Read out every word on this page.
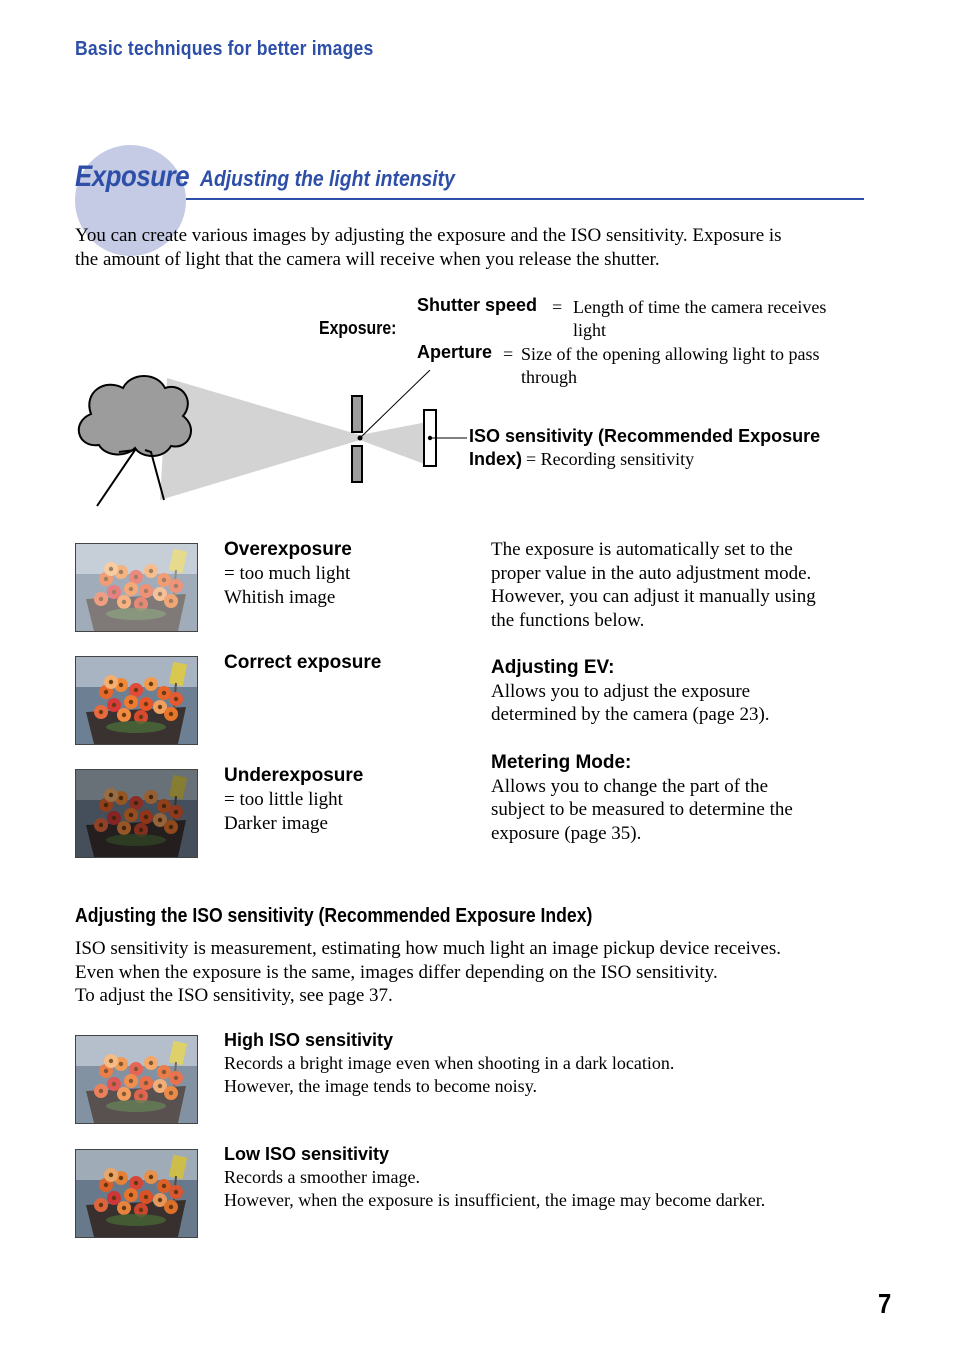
Basic techniques for better images
Exposure Adjusting the light intensity
You can create various images by adjusting the exposure and the ISO sensitivity. Exposure is
the amount of light that the camera will receive when you release the shutter.
Exposure:
Shutter speed = Length of time the camera receives
light
Aperture = Size of the opening allowing light to pass
through
ISO sensitivity (Recommended Exposure
Index) = Recording sensitivity
Overexposure
= too much light
Whitish image
Correct exposure
Underexposure
= too little light
Darker image
The exposure is automatically set to the
proper value in the auto adjustment mode.
However, you can adjust it manually using
the functions below.
Adjusting EV:
Allows you to adjust the exposure
determined by the camera (page 23).
Metering Mode:
Allows you to change the part of the
subject to be measured to determine the
exposure (page 35).
Adjusting the ISO sensitivity (Recommended Exposure Index)
ISO sensitivity is measurement, estimating how much light an image pickup device receives.
Even when the exposure is the same, images differ depending on the ISO sensitivity.
To adjust the ISO sensitivity, see page 37.
High ISO sensitivity
Records a bright image even when shooting in a dark location.
However, the image tends to become noisy.
Low ISO sensitivity
Records a smoother image.
However, when the exposure is insufficient, the image may become darker.
7
